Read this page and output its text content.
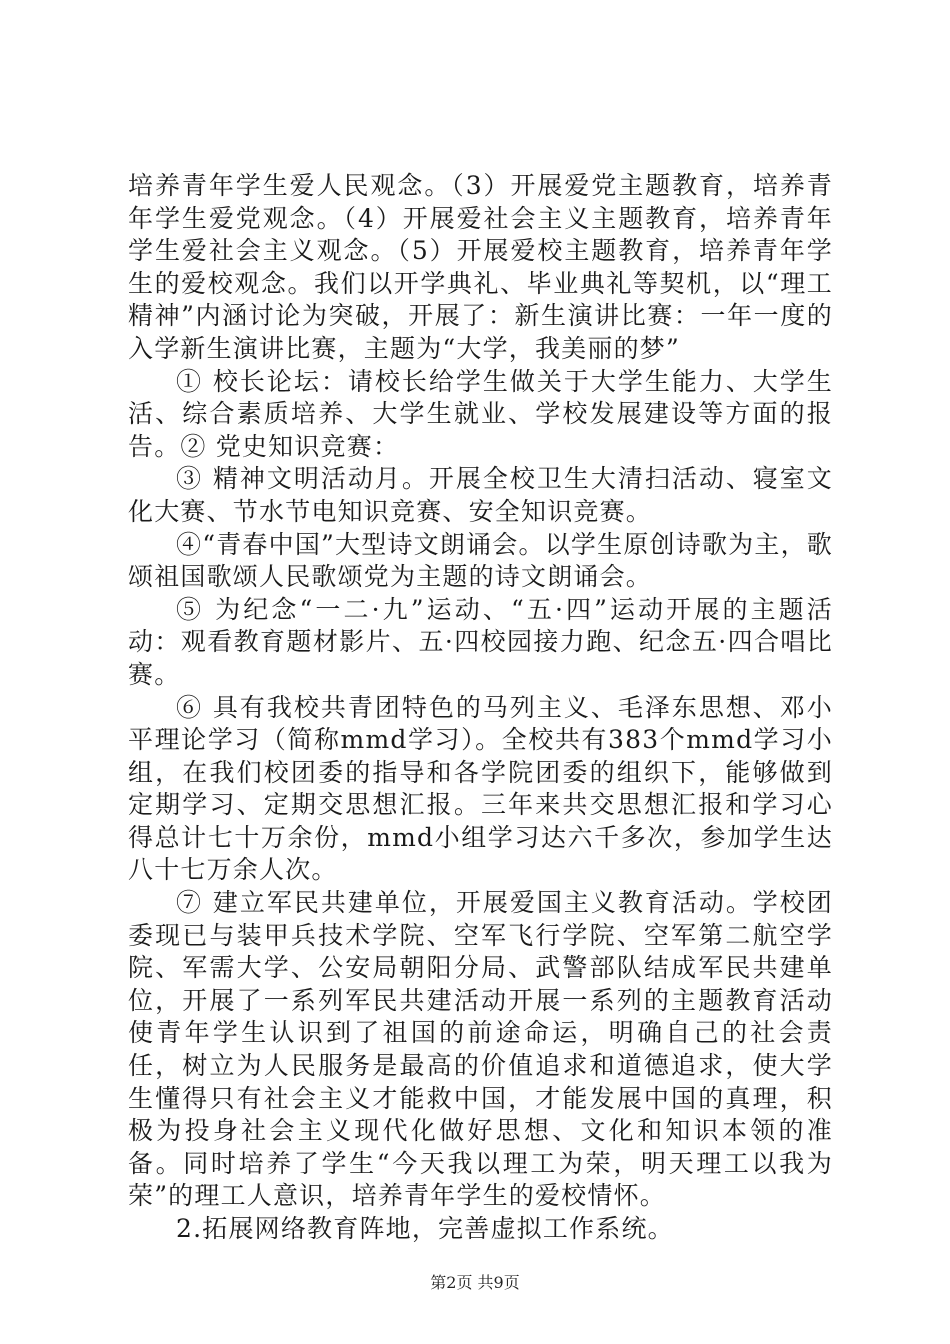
培养青年学生爱人民观念。（3）开展爱党主题教育，培养青年学生爱党观念。（4）开展爱社会主义主题教育，培养青年学生爱社会主义观念。（5）开展爱校主题教育，培养青年学生的爱校观念。我们以开学典礼、毕业典礼等契机，以“理工精神”内涵讨论为突破，开展了：新生演讲比赛：一年一度的入学新生演讲比赛，主题为“大学，我美丽的梦”

① 校长论坛：请校长给学生做关于大学生能力、大学生活、综合素质培养、大学生就业、学校发展建设等方面的报告。② 党史知识竞赛：

③ 精神文明活动月。开展全校卫生大清扫活动、寝室文化大赛、节水节电知识竞赛、安全知识竞赛。

④“青春中国”大型诗文朗诵会。以学生原创诗歌为主，歌颂祖国歌颂人民歌颂党为主题的诗文朗诵会。

⑤ 为纪念“一二·九”运动、“五·四”运动开展的主题活动：观看教育题材影片、五·四校园接力跑、纪念五·四合唱比赛。

⑥ 具有我校共青团特色的马列主义、毛泽东思想、邓小平理论学习（简称mmd学习）。全校共有383个mmd学习小组，在我们校团委的指导和各学院团委的组织下，能够做到定期学习、定期交思想汇报。三年来共交思想汇报和学习心得总计七十万余份，mmd小组学习达六千多次，参加学生达八十七万余人次。

⑦ 建立军民共建单位，开展爱国主义教育活动。学校团委现已与装甲兵技术学院、空军飞行学院、空军第二航空学院、军需大学、公安局朝阳分局、武警部队结成军民共建单位，开展了一系列军民共建活动开展一系列的主题教育活动使青年学生认识到了祖国的前途命运，明确自己的社会责任，树立为人民服务是最高的价值追求和道德追求，使大学生懂得只有社会主义才能救中国，才能发展中国的真理，积极为投身社会主义现代化做好思想、文化和知识本领的准备。同时培养了学生“今天我以理工为荣，明天理工以我为荣”的理工人意识，培养青年学生的爱校情怀。

2.拓展网络教育阵地，完善虚拟工作系统。

第2页 共9页
